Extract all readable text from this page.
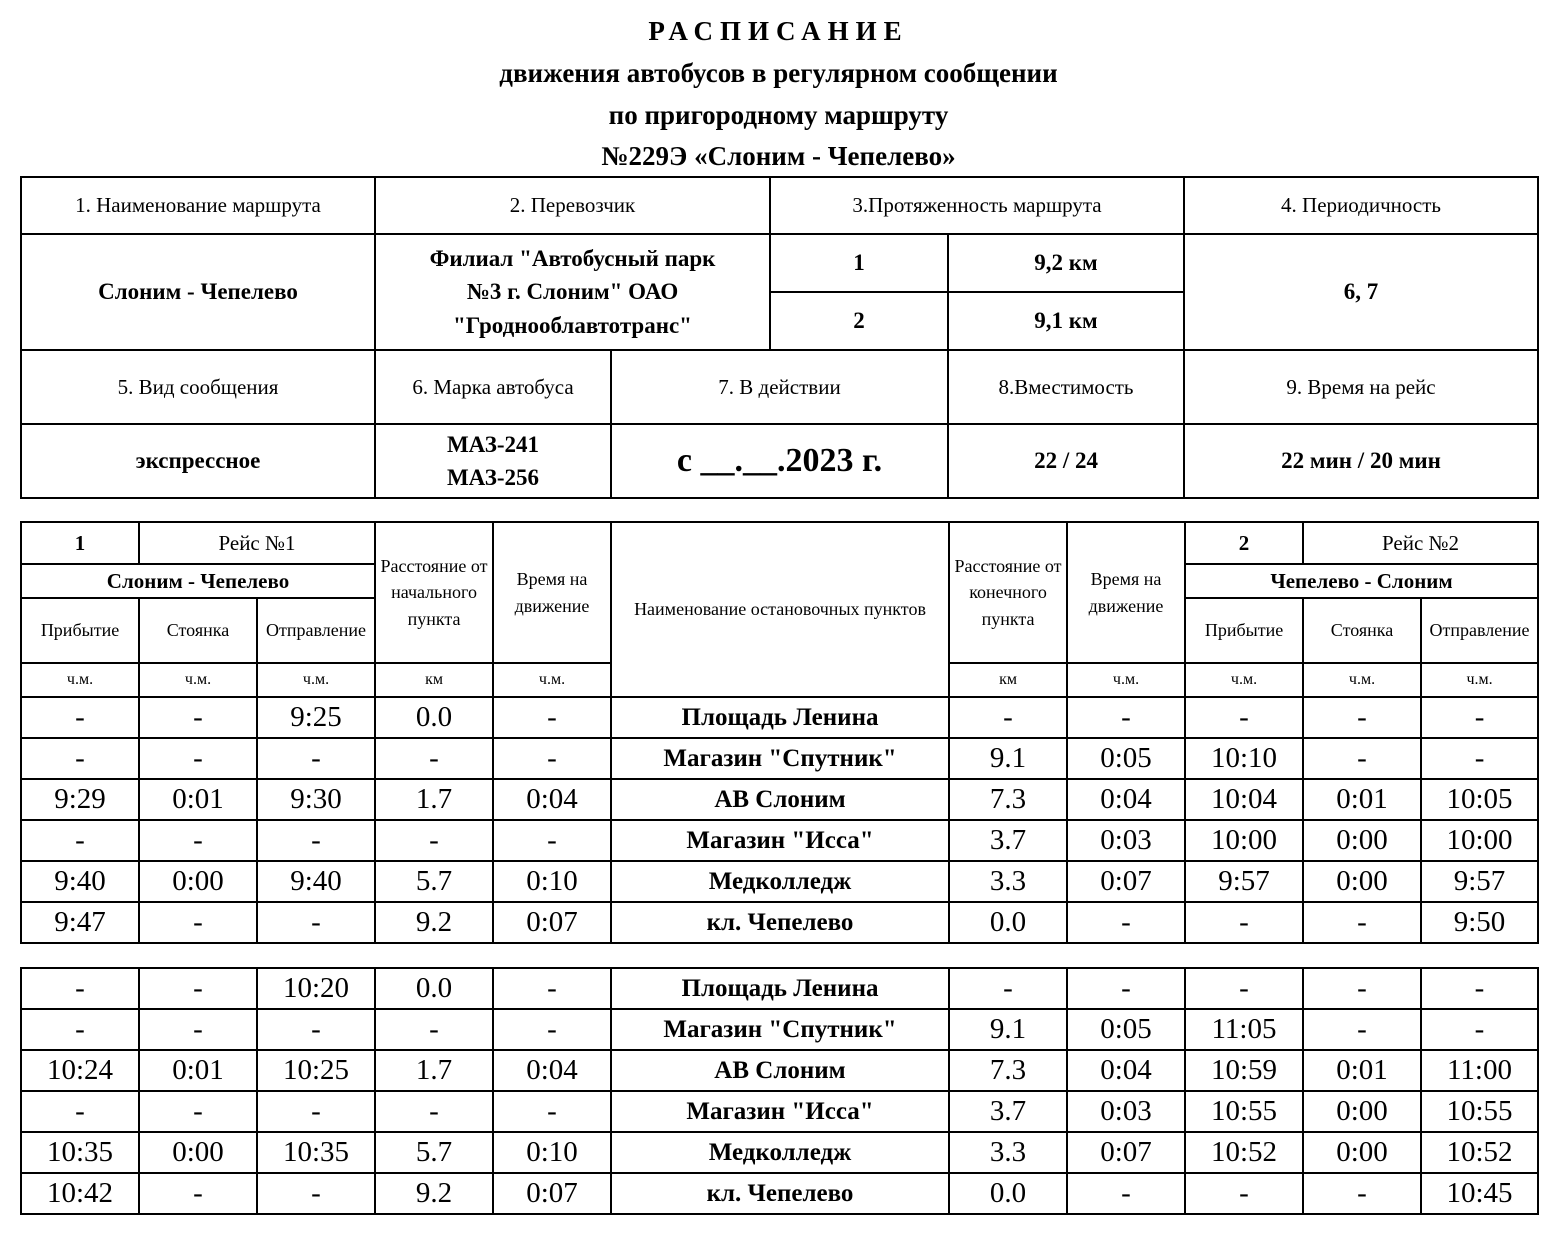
РАСПИСАНИЕ
движения автобусов в регулярном сообщении
по пригородному маршруту
№229Э «Слоним - Чепелево»
1. Наименование маршрута	2. Перевозчик		3.Протяженность маршрута		4. Периодичность
Слоним - Чепелево	Филиал "Автобусный парк
№3 г. Слоним" ОАО
"Гроднооблавтотранс"		1	9,2 км	6, 7
			2	9,1 км	
5. Вид сообщения	6. Марка автобуса	7. В действии		8.Вместимость	9. Время на рейс
экспрессное	МАЗ-241
МАЗ-256	с __.__.2023 г.		22 / 24	22 мин / 20 мин
1	Рейс №1		Расстояние от начального пункта	Время на движение	Наименование остановочных пунктов	Расстояние от конечного пункта	Время на движение	2	Рейс №2	
Слоним - Чепелево								Чепелево - Слоним		
Прибытие	Стоянка	Отправление						Прибытие	Стоянка	Отправление
ч.м.	ч.м.	ч.м.	км	ч.м.		км	ч.м.	ч.м.	ч.м.	ч.м.
-	-	9:25	0.0	-	Площадь Ленина	-	-	-	-	-
-	-	-	-	-	Магазин "Спутник"	9.1	0:05	10:10	-	-
9:29	0:01	9:30	1.7	0:04	АВ Слоним	7.3	0:04	10:04	0:01	10:05
-	-	-	-	-	Магазин "Исса"	3.7	0:03	10:00	0:00	10:00
9:40	0:00	9:40	5.7	0:10	Медколледж	3.3	0:07	9:57	0:00	9:57
9:47	-	-	9.2	0:07	кл. Чепелево	0.0	-	-	-	9:50
-	-	10:20	0.0	-	Площадь Ленина	-	-	-	-	-
-	-	-	-	-	Магазин "Спутник"	9.1	0:05	11:05	-	-
10:24	0:01	10:25	1.7	0:04	АВ Слоним	7.3	0:04	10:59	0:01	11:00
-	-	-	-	-	Магазин "Исса"	3.7	0:03	10:55	0:00	10:55
10:35	0:00	10:35	5.7	0:10	Медколледж	3.3	0:07	10:52	0:00	10:52
10:42	-	-	9.2	0:07	кл. Чепелево	0.0	-	-	-	10:45
